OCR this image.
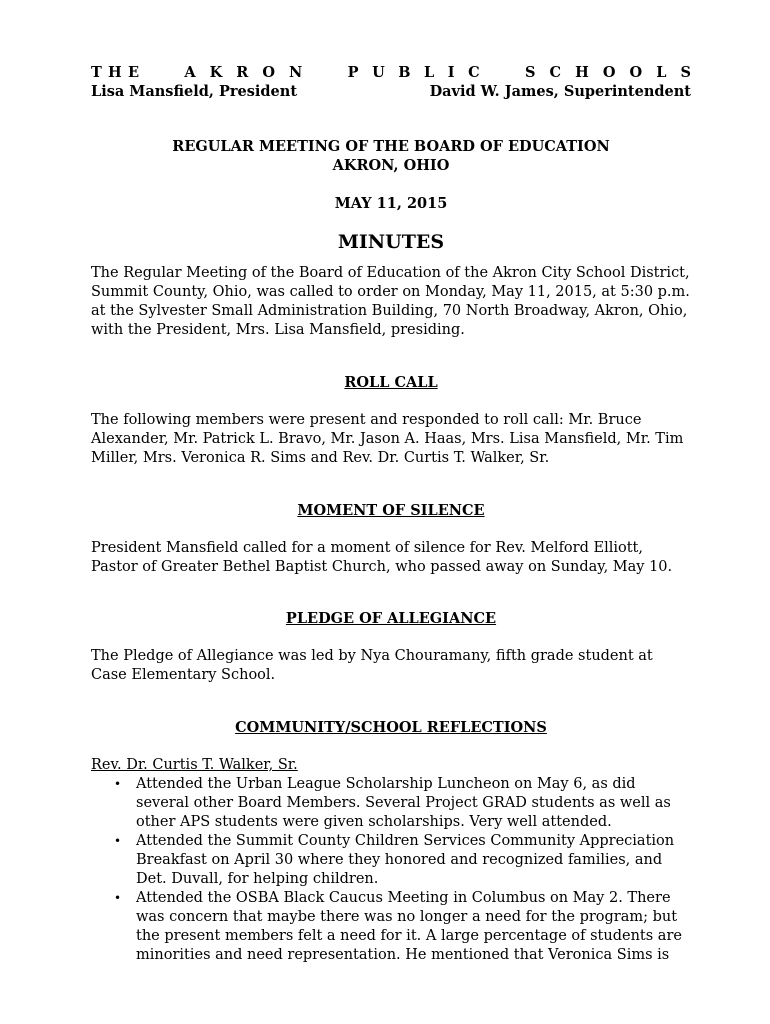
T H E	A K R O N	P U B L I C	S C H O O L S
Lisa Mansfield, President	David W. James, Superintendent
REGULAR MEETING OF THE BOARD OF EDUCATION
AKRON, OHIO
MAY 11, 2015
MINUTES

The Regular Meeting of the Board of Education of the Akron City School District, Summit County, Ohio, was called to order on Monday, May 11, 2015, at 5:30 p.m. at the Sylvester Small Administration Building, 70 North Broadway, Akron, Ohio, with the President, Mrs. Lisa Mansfield, presiding.

ROLL CALL

The following members were present and responded to roll call: Mr. Bruce Alexander, Mr. Patrick L. Bravo, Mr. Jason A. Haas, Mrs. Lisa Mansfield, Mr. Tim Miller, Mrs. Veronica R. Sims and Rev. Dr. Curtis T. Walker, Sr.

MOMENT OF SILENCE

President Mansfield called for a moment of silence for Rev. Melford Elliott, Pastor of Greater Bethel Baptist Church, who passed away on Sunday, May 10.

PLEDGE OF ALLEGIANCE

The Pledge of Allegiance was led by Nya Chouramany, fifth grade student at Case Elementary School.

COMMUNITY/SCHOOL REFLECTIONS
Rev. Dr. Curtis T. Walker, Sr.
• Attended the Urban League Scholarship Luncheon on May 6, as did several other Board Members. Several Project GRAD students as well as other APS students were given scholarships. Very well attended.
• Attended the Summit County Children Services Community Appreciation Breakfast on April 30 where they honored and recognized families, and Det. Duvall, for helping children.
• Attended the OSBA Black Caucus Meeting in Columbus on May 2. There was concern that maybe there was no longer a need for the program; but the present members felt a need for it. A large percentage of students are minorities and need representation. He mentioned that Veronica Sims is
